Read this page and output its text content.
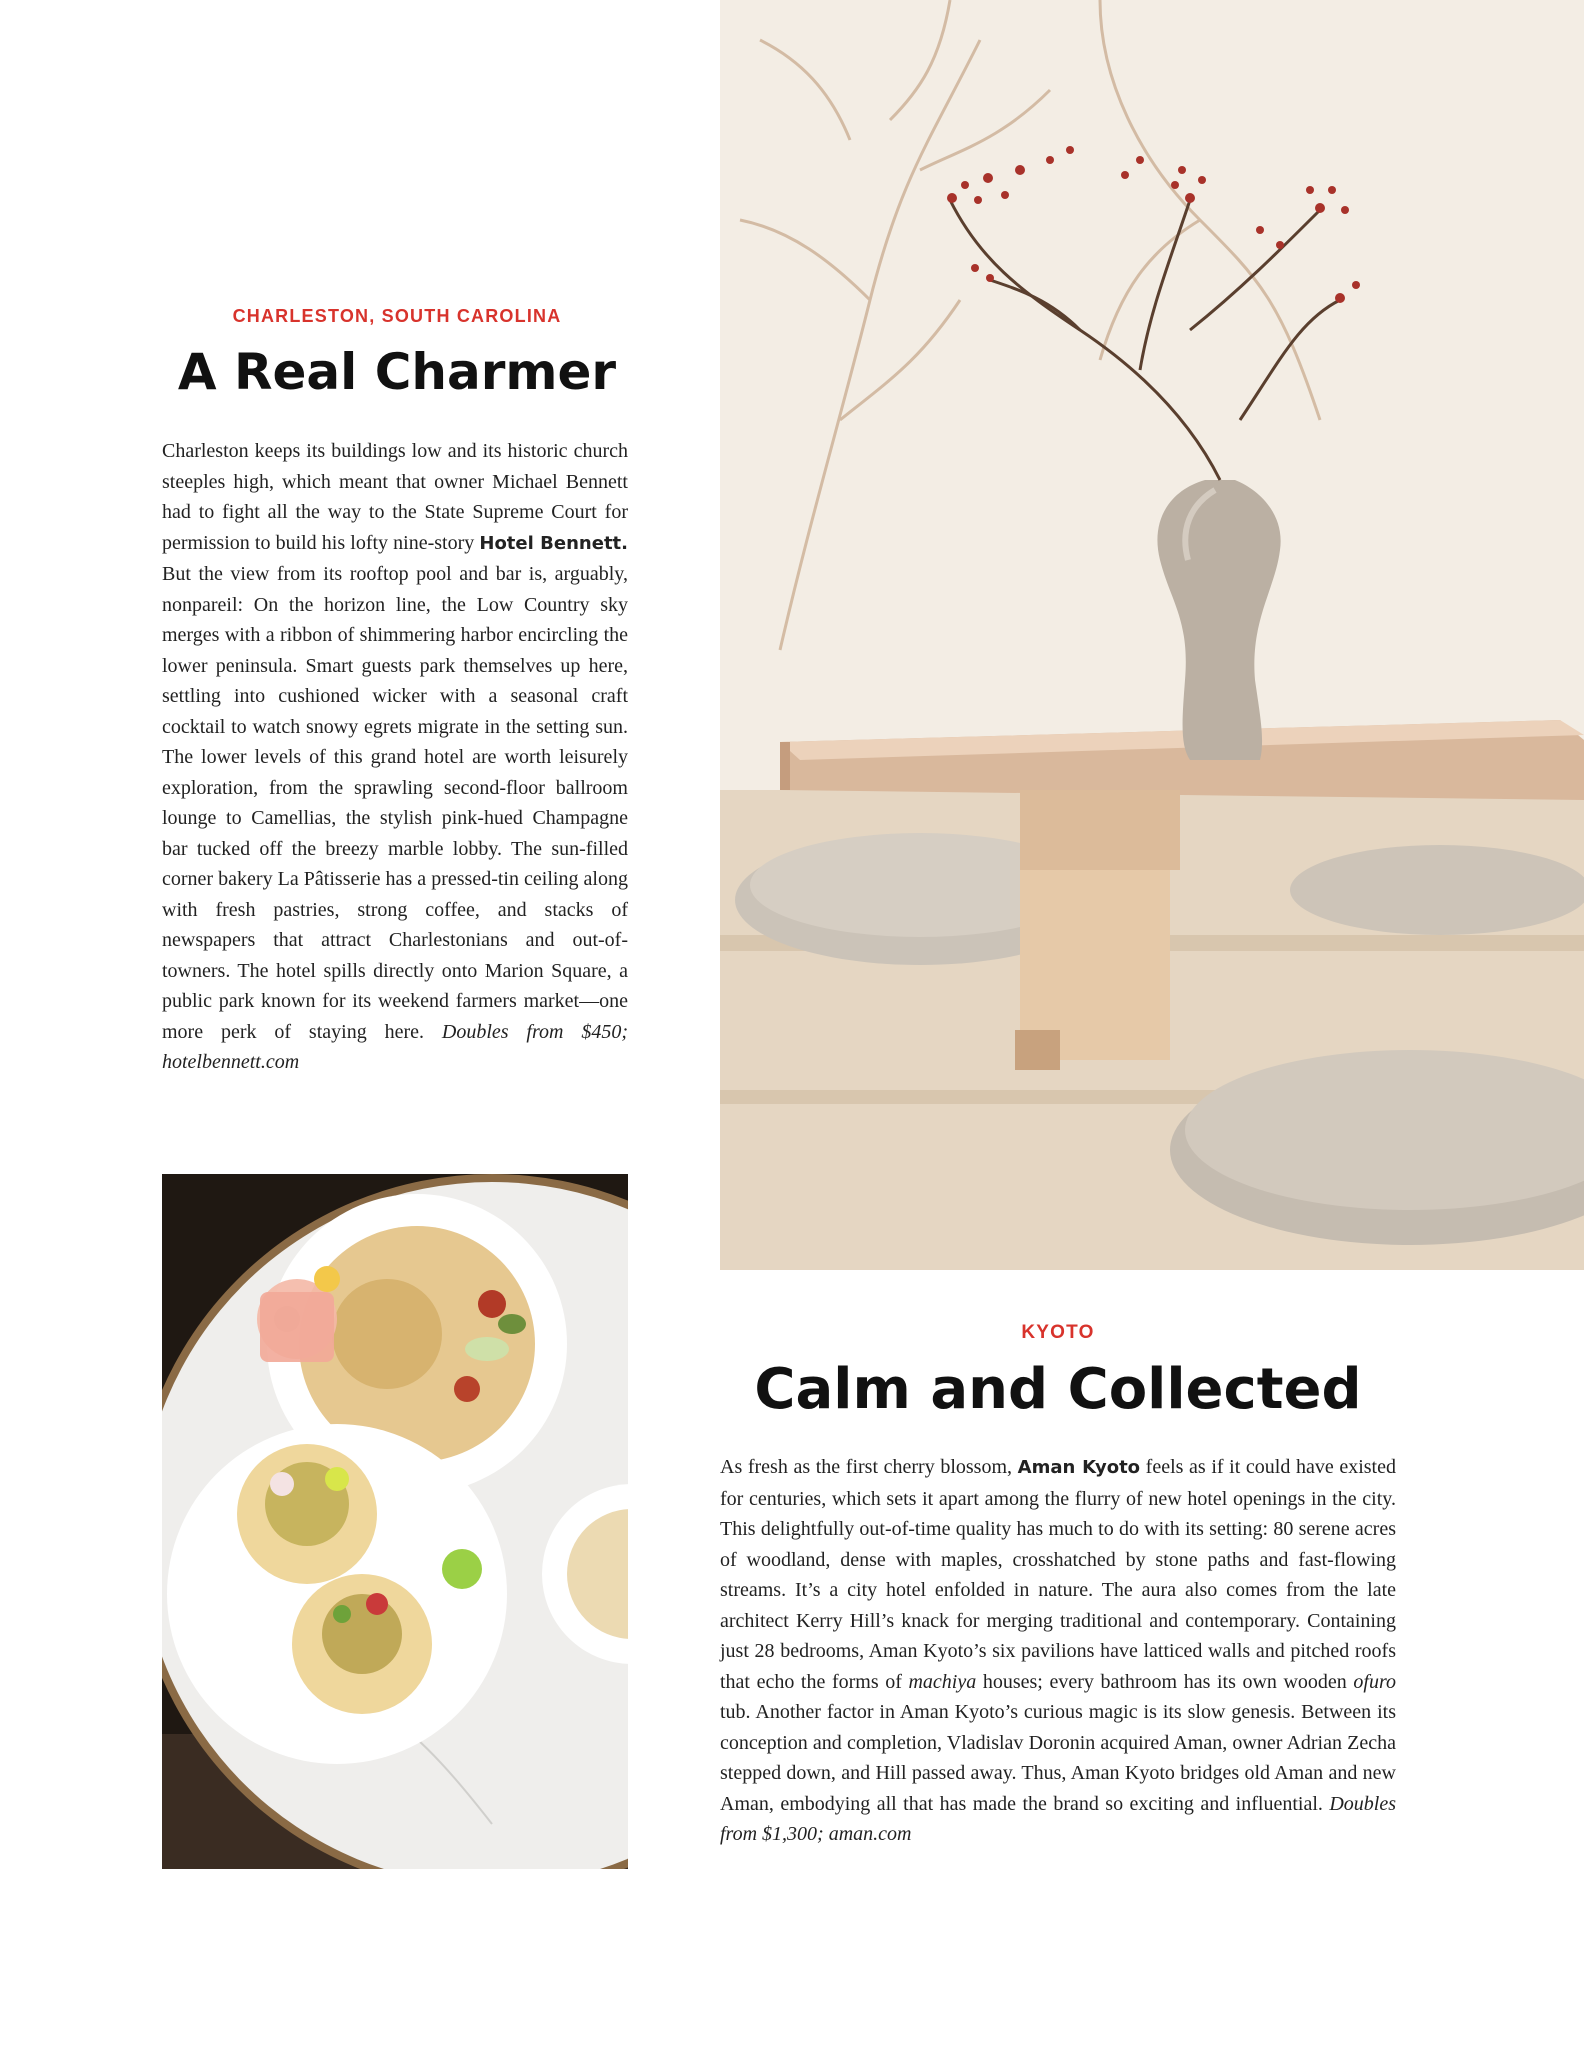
CHARLESTON, SOUTH CAROLINA
A Real Charmer
Charleston keeps its buildings low and its historic church steeples high, which meant that owner Michael Bennett had to fight all the way to the State Supreme Court for permission to build his lofty nine-story Hotel Bennett. But the view from its rooftop pool and bar is, arguably, nonpareil: On the horizon line, the Low Country sky merges with a ribbon of shimmering harbor encircling the lower peninsula. Smart guests park themselves up here, settling into cushioned wicker with a seasonal craft cocktail to watch snowy egrets migrate in the setting sun. The lower levels of this grand hotel are worth leisurely exploration, from the sprawling second-floor ballroom lounge to Camellias, the stylish pink-hued Champagne bar tucked off the breezy marble lobby. The sun-filled corner bakery La Pâtisserie has a pressed-tin ceiling along with fresh pastries, strong coffee, and stacks of newspapers that attract Charlestonians and out-of-towners. The hotel spills directly onto Marion Square, a public park known for its weekend farmers market—one more perk of staying here. Doubles from $450; hotelbennett.com
KYOTO
Calm and Collected
As fresh as the first cherry blossom, Aman Kyoto feels as if it could have existed for centuries, which sets it apart among the flurry of new hotel openings in the city. This delightfully out-of-time quality has much to do with its setting: 80 serene acres of woodland, dense with maples, crosshatched by stone paths and fast-flowing streams. It’s a city hotel enfolded in nature. The aura also comes from the late architect Kerry Hill’s knack for merging traditional and contemporary. Containing just 28 bedrooms, Aman Kyoto’s six pavilions have latticed walls and pitched roofs that echo the forms of machiya houses; every bathroom has its own wooden ofuro tub. Another factor in Aman Kyoto’s curious magic is its slow genesis. Between its conception and completion, Vladislav Doronin acquired Aman, owner Adrian Zecha stepped down, and Hill passed away. Thus, Aman Kyoto bridges old Aman and new Aman, embodying all that has made the brand so exciting and influential. Doubles from $1,300; aman.com
